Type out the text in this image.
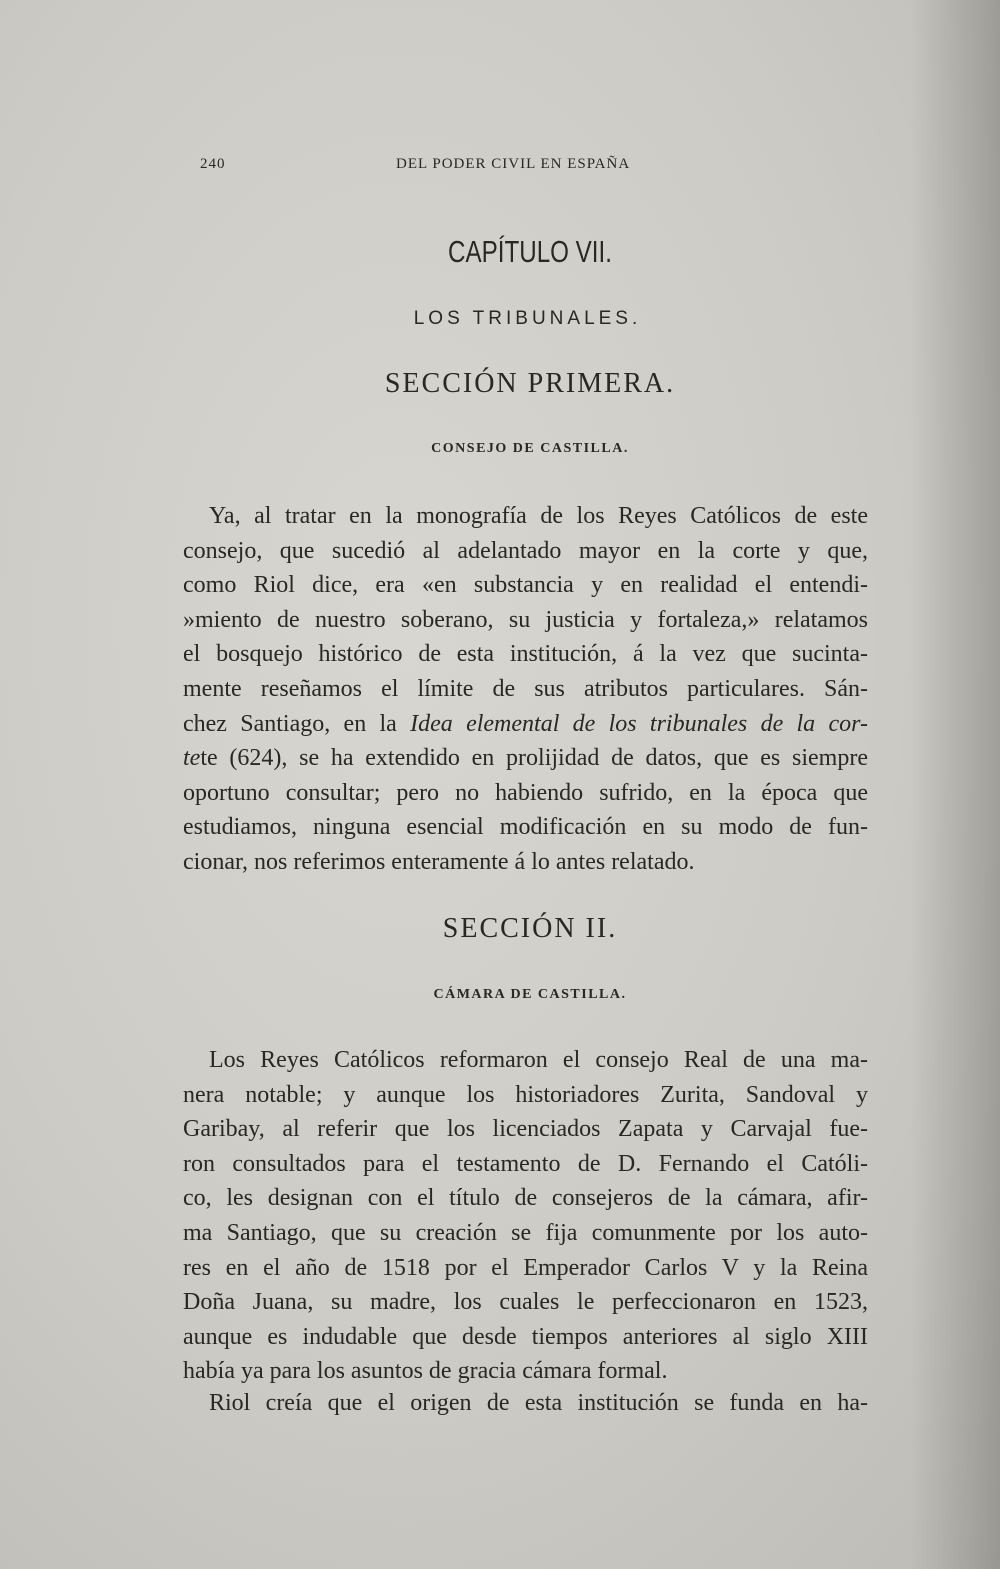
240	DEL PODER CIVIL EN ESPAÑA
CAPÍTULO VII.
LOS TRIBUNALES.
SECCIÓN PRIMERA.
CONSEJO DE CASTILLA.
Ya, al tratar en la monografía de los Reyes Católicos de este
consejo, que sucedió al adelantado mayor en la corte y que,
como Riol dice, era «en substancia y en realidad el entendi-
»miento de nuestro soberano, su justicia y fortaleza,» relatamos
el bosquejo histórico de esta institución, á la vez que sucinta-
mente reseñamos el límite de sus atributos particulares. Sán-
chez Santiago, en la Idea elemental de los tribunales de la cor-
tete (624), se ha extendido en prolijidad de datos, que es siempre
oportuno consultar; pero no habiendo sufrido, en la época que
estudiamos, ninguna esencial modificación en su modo de fun-
cionar, nos referimos enteramente á lo antes relatado.
SECCIÓN II.
CÁMARA DE CASTILLA.
Los Reyes Católicos reformaron el consejo Real de una ma-
nera notable; y aunque los historiadores Zurita, Sandoval y
Garibay, al referir que los licenciados Zapata y Carvajal fue-
ron consultados para el testamento de D. Fernando el Católi-
co, les designan con el título de consejeros de la cámara, afir-
ma Santiago, que su creación se fija comunmente por los auto-
res en el año de 1518 por el Emperador Carlos V y la Reina
Doña Juana, su madre, los cuales le perfeccionaron en 1523,
aunque es indudable que desde tiempos anteriores al siglo XIII
había ya para los asuntos de gracia cámara formal.
Riol creía que el origen de esta institución se funda en ha-
